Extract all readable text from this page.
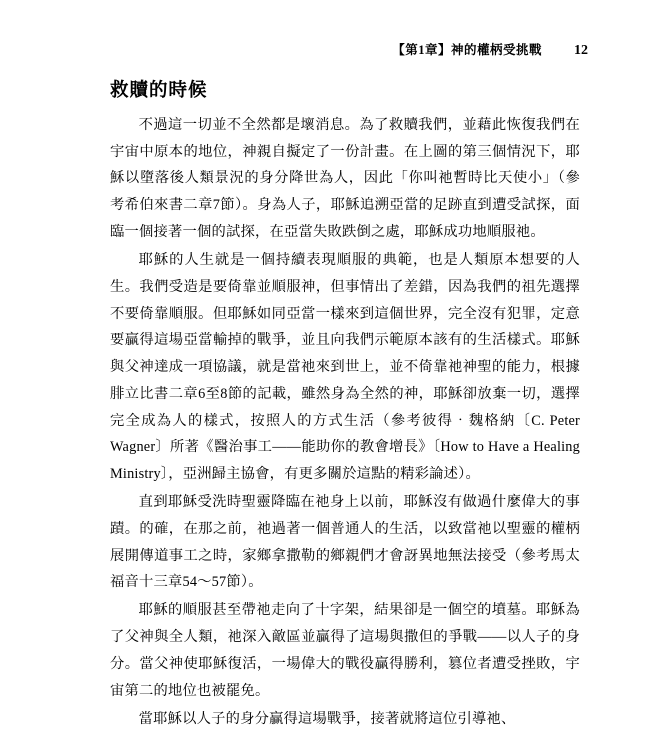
【第1章】神的權柄受挑戰	12
救贖的時候

不過這一切並不全然都是壞消息。為了救贖我們，並藉此恢復我們在宇宙中原本的地位，神親自擬定了一份計畫。在上圖的第三個情況下，耶穌以墮落後人類景況的身分降世為人，因此「你叫祂暫時比天使小」（參考希伯來書二章7節）。身為人子，耶穌追溯亞當的足跡直到遭受試探，面臨一個接著一個的試探，在亞當失敗跌倒之處，耶穌成功地順服祂。

耶穌的人生就是一個持續表現順服的典範，也是人類原本想要的人生。我們受造是要倚靠並順服神，但事情出了差錯，因為我們的祖先選擇不要倚靠順服。但耶穌如同亞當一樣來到這個世界，完全沒有犯罪，定意要贏得這場亞當輸掉的戰爭，並且向我們示範原本該有的生活樣式。耶穌與父神達成一項協議，就是當祂來到世上，並不倚靠祂神聖的能力，根據腓立比書二章6至8節的記載，雖然身為全然的神，耶穌卻放棄一切，選擇完全成為人的樣式，按照人的方式生活（參考彼得‧魏格納〔C. Peter Wagner〕所著《醫治事工——能助你的教會增長》〔How to Have a Healing Ministry〕，亞洲歸主協會，有更多關於這點的精彩論述）。

直到耶穌受洗時聖靈降臨在祂身上以前，耶穌沒有做過什麼偉大的事蹟。的確，在那之前，祂過著一個普通人的生活，以致當祂以聖靈的權柄展開傳道事工之時，家鄉拿撒勒的鄉親們才會訝異地無法接受（參考馬太福音十三章54～57節）。

耶穌的順服甚至帶祂走向了十字架，結果卻是一個空的墳墓。耶穌為了父神與全人類，祂深入敵區並贏得了這場與撒但的爭戰——以人子的身分。當父神使耶穌復活，一場偉大的戰役贏得勝利，篡位者遭受挫敗，宇宙第二的地位也被罷免。

當耶穌以人子的身分贏得這場戰爭，接著就將這位引導祂、
